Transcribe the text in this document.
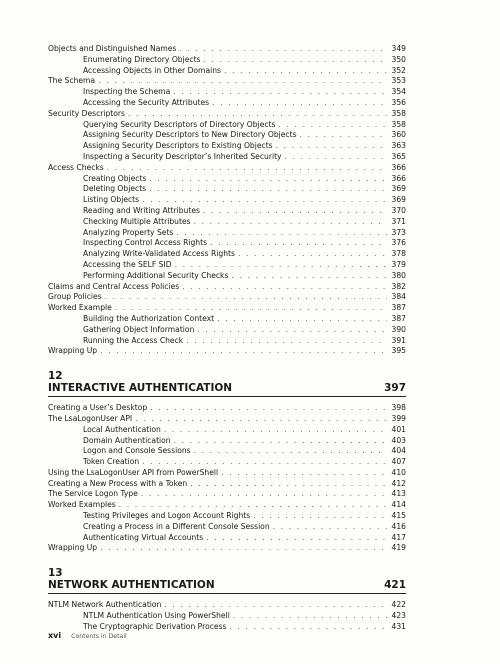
Objects and Distinguished Names . . .	349
Enumerating Directory Objects . . .	350
Accessing Objects in Other Domains . . .	352
The Schema . . .	353
Inspecting the Schema . . .	354
Accessing the Security Attributes . . .	356
Security Descriptors . . .	358
Querying Security Descriptors of Directory Objects . . .	358
Assigning Security Descriptors to New Directory Objects . . .	360
Assigning Security Descriptors to Existing Objects . . .	363
Inspecting a Security Descriptor’s Inherited Security . . .	365
Access Checks . . .	366
Creating Objects . . .	366
Deleting Objects . . .	369
Listing Objects . . .	369
Reading and Writing Attributes . . .	370
Checking Multiple Attributes . . .	371
Analyzing Property Sets . . .	373
Inspecting Control Access Rights . . .	376
Analyzing Write-Validated Access Rights . . .	378
Accessing the SELF SID . . .	379
Performing Additional Security Checks . . .	380
Claims and Central Access Policies . . .	382
Group Policies . . .	384
Worked Example . . .	387
Building the Authorization Context . . .	387
Gathering Object Information . . .	390
Running the Access Check . . .	391
Wrapping Up . . .	395
12
INTERACTIVE AUTHENTICATION	397
Creating a User’s Desktop . . .	398
The LsaLogonUser API . . .	399
Local Authentication . . .	401
Domain Authentication . . .	403
Logon and Console Sessions . . .	404
Token Creation . . .	407
Using the LsaLogonUser API from PowerShell . . .	410
Creating a New Process with a Token . . .	412
The Service Logon Type . . .	413
Worked Examples . . .	414
Testing Privileges and Logon Account Rights . . .	415
Creating a Process in a Different Console Session . . .	416
Authenticating Virtual Accounts . . .	417
Wrapping Up . . .	419
13
NETWORK AUTHENTICATION	421
NTLM Network Authentication . . .	422
NTLM Authentication Using PowerShell . . .	423
The Cryptographic Derivation Process . . .	431
xvi Contents in Detail
